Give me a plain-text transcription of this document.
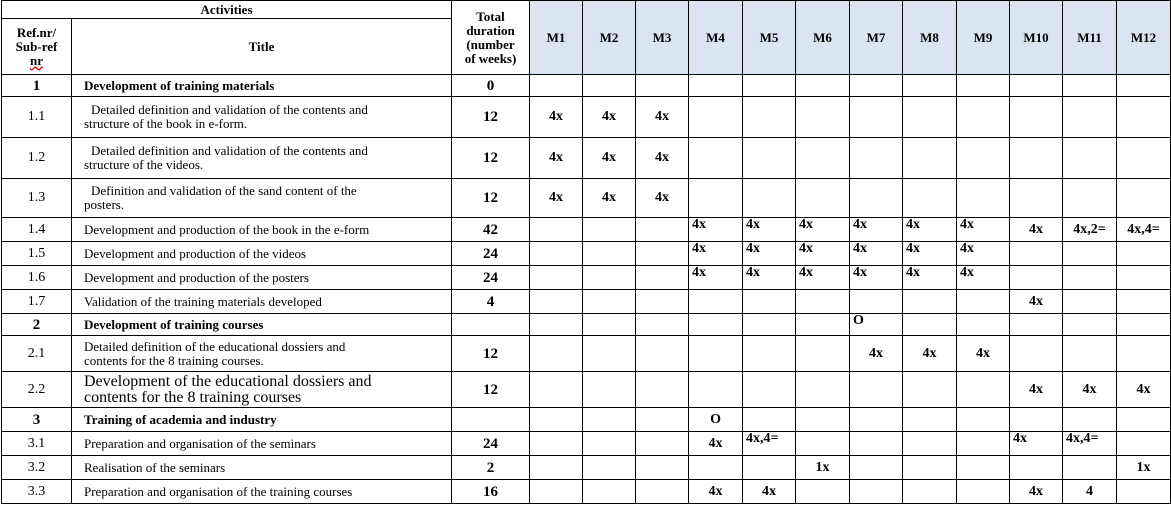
Activities		Total
duration
(number
of weeks)	M1	M2	M3	M4	M5	M6	M7	M8	M9	M10	M11	M12

Ref.nr/
Sub-ref
nr	Title													
1	Development of training materials	0												
1.1	Detailed definition and validation of the contents and
structure of the book in e-form.	12	4x	4x	4x									
1.2	Detailed definition and validation of the contents and
structure of the videos.	12	4x	4x	4x									
1.3	Definition and validation of the sand content of the
posters.	12	4x	4x	4x									
1.4	Development and production of the book in the e-form	42				4x	4x	4x	4x	4x	4x	4x	4x,2=	4x,4=
1.5	Development and production of the videos	24				4x	4x	4x	4x	4x	4x			
1.6	Development and production of the posters	24				4x	4x	4x	4x	4x	4x			
1.7	Validation of the training materials developed	4										4x		
2	Development of training courses								O					
2.1	Detailed definition of the educational dossiers and
contents for the 8 training courses.	12							4x	4x	4x			
2.2	Development of the educational dossiers and
contents for the 8 training courses	12										4x	4x	4x
3	Training of academia and industry					O								
3.1	Preparation and organisation of the seminars	24				4x	4x,4=					4x	4x,4=	
3.2	Realisation of the seminars	2						1x						1x
3.3	Preparation and organisation of the training courses	16				4x	4x					4x	4	
